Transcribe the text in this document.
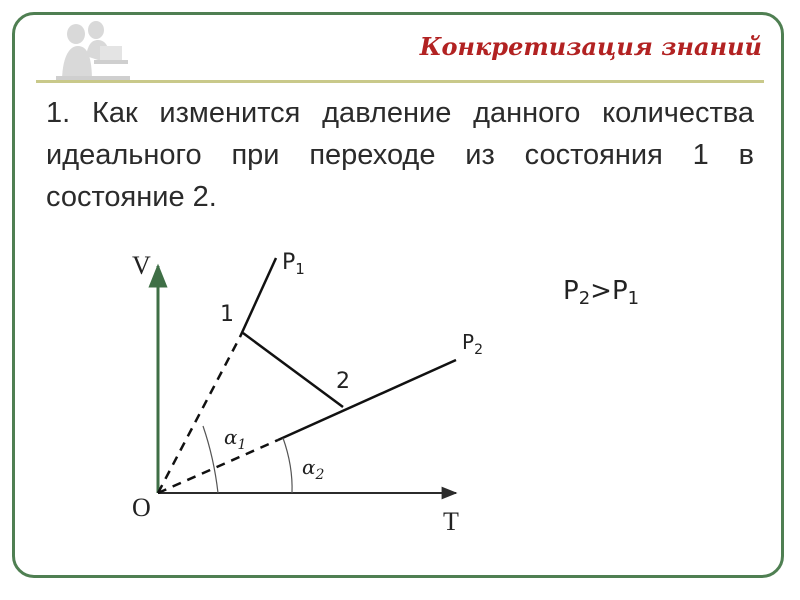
Конкретизация знаний
1. Как изменится давление данного количества идеального при переходе из состояния 1 в состояние 2.
V
T
O
$P_1$
$P_2$
1
2
$\alpha_1$
$\alpha_2$
P2>P1
